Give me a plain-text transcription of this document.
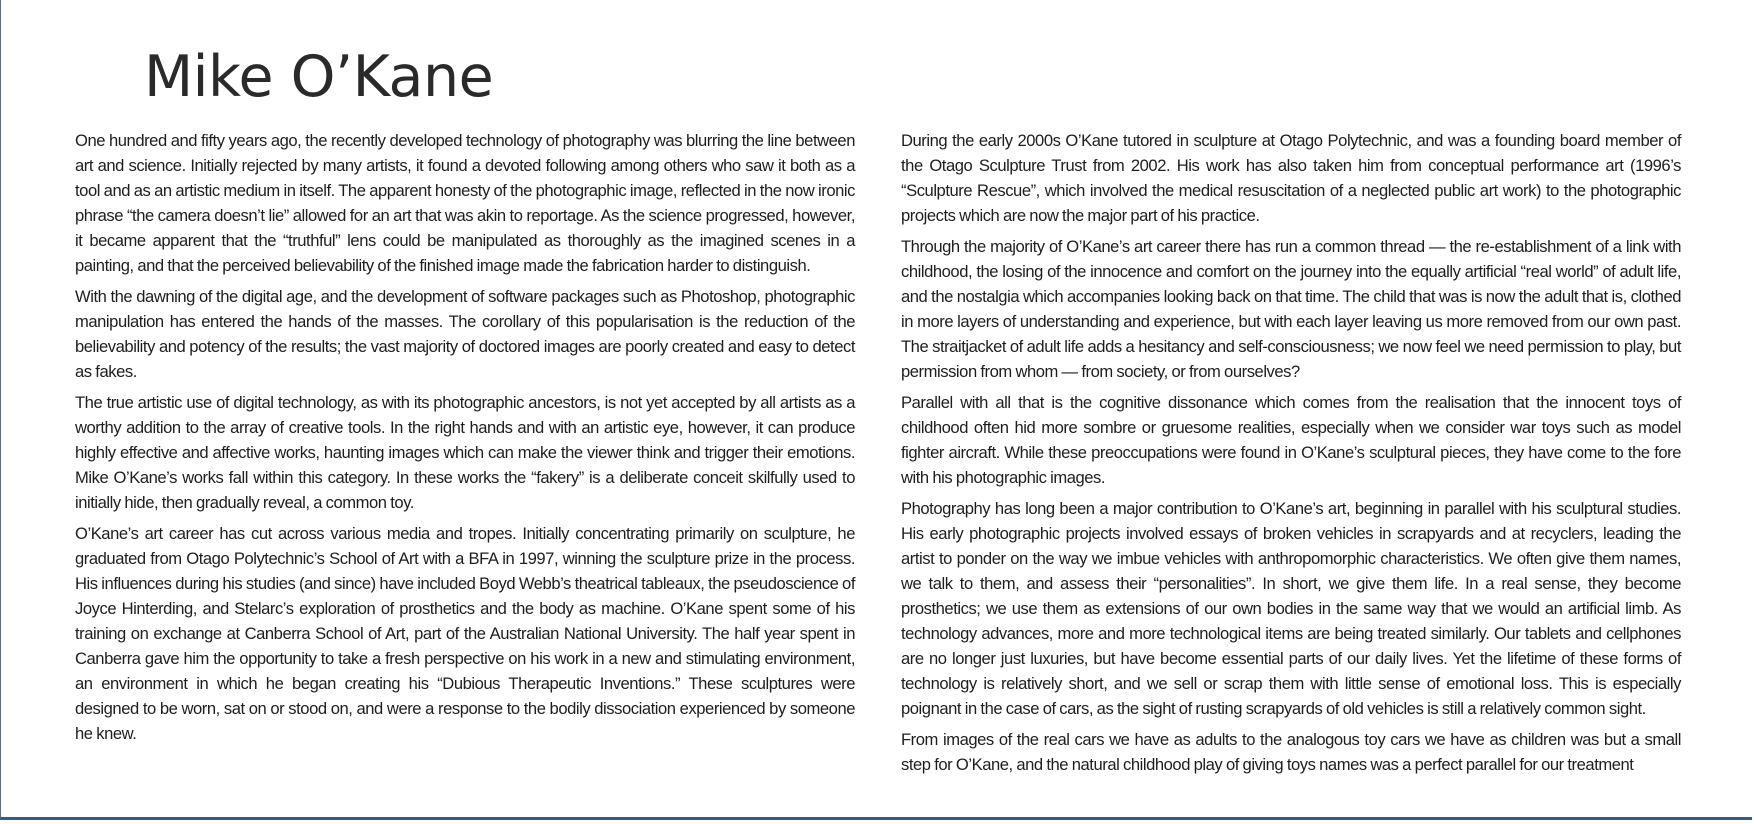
Mike O’Kane

One hundred and fifty years ago, the recently developed technology of photography was blurring the line between art and science. Initially rejected by many artists, it found a devoted following among others who saw it both as a tool and as an artistic medium in itself. The apparent honesty of the photographic image, reflected in the now ironic phrase “the camera doesn’t lie” allowed for an art that was akin to reportage. As the science progressed, however, it became apparent that the “truthful” lens could be manipulated as thoroughly as the imagined scenes in a painting, and that the perceived believability of the finished image made the fabrication harder to distinguish.

With the dawning of the digital age, and the development of software packages such as Photoshop, photographic manipulation has entered the hands of the masses. The corollary of this popularisation is the reduction of the believability and potency of the results; the vast majority of doctored images are poorly created and easy to detect as fakes.

The true artistic use of digital technology, as with its photographic ancestors, is not yet accepted by all artists as a worthy addition to the array of creative tools. In the right hands and with an artistic eye, however, it can produce highly effective and affective works, haunting images which can make the viewer think and trigger their emotions. Mike O’Kane’s works fall within this category. In these works the “fakery” is a deliberate conceit skilfully used to initially hide, then gradually reveal, a common toy.

O’Kane’s art career has cut across various media and tropes. Initially concentrating primarily on sculpture, he graduated from Otago Polytechnic’s School of Art with a BFA in 1997, winning the sculpture prize in the process. His influences during his studies (and since) have included Boyd Webb’s theatrical tableaux, the pseudoscience of Joyce Hinterding, and Stelarc’s exploration of prosthetics and the body as machine. O’Kane spent some of his training on exchange at Canberra School of Art, part of the Australian National University. The half year spent in Canberra gave him the opportunity to take a fresh perspective on his work in a new and stimulating environment, an environment in which he began creating his “Dubious Therapeutic Inventions.” These sculptures were designed to be worn, sat on or stood on, and were a response to the bodily dissociation experienced by someone he knew.

During the early 2000s O’Kane tutored in sculpture at Otago Polytechnic, and was a founding board member of the Otago Sculpture Trust from 2002. His work has also taken him from conceptual performance art (1996’s “Sculpture Rescue”, which involved the medical resuscitation of a neglected public art work) to the photographic projects which are now the major part of his practice.

Through the majority of O’Kane’s art career there has run a common thread — the re-establishment of a link with childhood, the losing of the innocence and comfort on the journey into the equally artificial “real world” of adult life, and the nostalgia which accompanies looking back on that time. The child that was is now the adult that is, clothed in more layers of understanding and experience, but with each layer leaving us more removed from our own past. The straitjacket of adult life adds a hesitancy and self-consciousness; we now feel we need permission to play, but permission from whom — from society, or from ourselves?

Parallel with all that is the cognitive dissonance which comes from the realisation that the innocent toys of childhood often hid more sombre or gruesome realities, especially when we consider war toys such as model fighter aircraft. While these preoccupations were found in O’Kane’s sculptural pieces, they have come to the fore with his photographic images.

Photography has long been a major contribution to O’Kane’s art, beginning in parallel with his sculptural studies. His early photographic projects involved essays of broken vehicles in scrapyards and at recyclers, leading the artist to ponder on the way we imbue vehicles with anthropomorphic characteristics. We often give them names, we talk to them, and assess their “personalities”. In short, we give them life. In a real sense, they become prosthetics; we use them as extensions of our own bodies in the same way that we would an artificial limb. As technology advances, more and more technological items are being treated similarly. Our tablets and cellphones are no longer just luxuries, but have become essential parts of our daily lives. Yet the lifetime of these forms of technology is relatively short, and we sell or scrap them with little sense of emotional loss. This is especially poignant in the case of cars, as the sight of rusting scrapyards of old vehicles is still a relatively common sight.

From images of the real cars we have as adults to the analogous toy cars we have as children was but a small step for O’Kane, and the natural childhood play of giving toys names was a perfect parallel for our treatment
